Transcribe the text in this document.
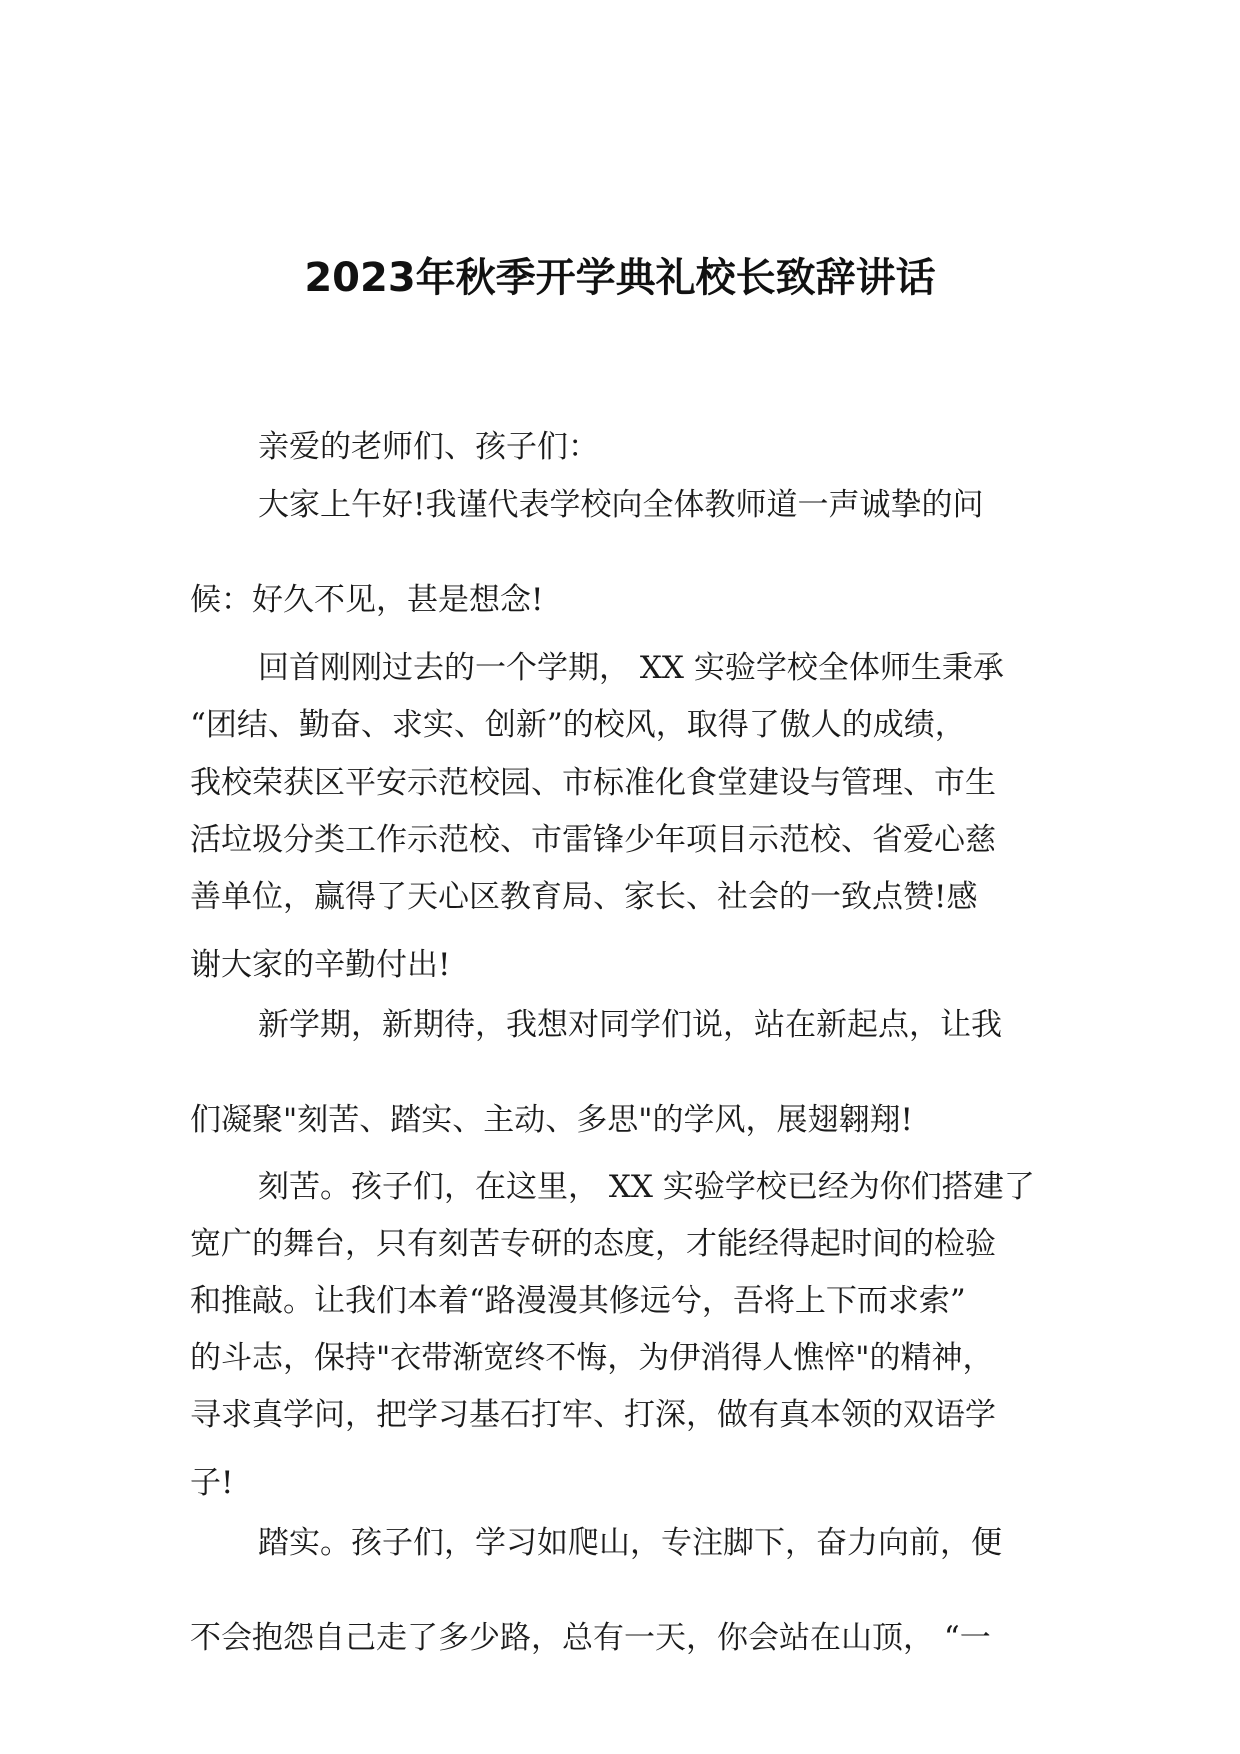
2023年秋季开学典礼校长致辞讲话
亲爱的老师们、孩子们：
大家上午好!我谨代表学校向全体教师道一声诚挚的问
候：好久不见，甚是想念!
回首刚刚过去的一个学期， XX 实验学校全体师生秉承
“团结、勤奋、求实、创新”的校风，取得了傲人的成绩，
我校荣获区平安示范校园、市标准化食堂建设与管理、市生
活垃圾分类工作示范校、市雷锋少年项目示范校、省爱心慈
善单位，赢得了天心区教育局、家长、社会的一致点赞!感
谢大家的辛勤付出!
新学期，新期待，我想对同学们说，站在新起点，让我
们凝聚"刻苦、踏实、主动、多思"的学风，展翅翱翔!
刻苦。孩子们，在这里， XX 实验学校已经为你们搭建了
宽广的舞台，只有刻苦专研的态度，才能经得起时间的检验
和推敲。让我们本着“路漫漫其修远兮，吾将上下而求索”
的斗志，保持"衣带渐宽终不悔，为伊消得人憔悴"的精神，
寻求真学问，把学习基石打牢、打深，做有真本领的双语学
子!
踏实。孩子们，学习如爬山，专注脚下，奋力向前，便
不会抱怨自己走了多少路，总有一天，你会站在山顶， “一
